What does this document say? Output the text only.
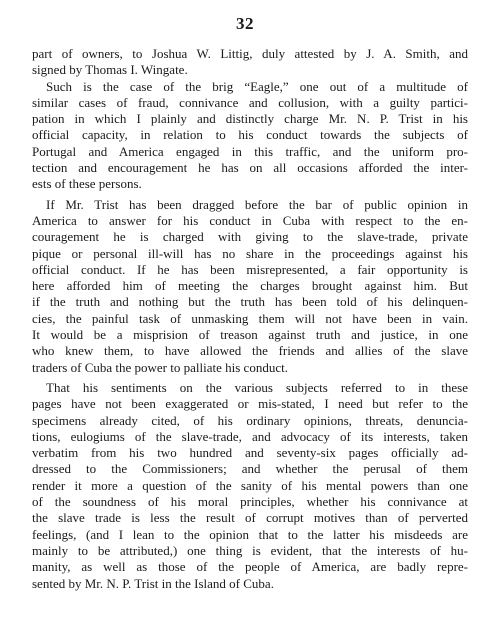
32
part of owners, to Joshua W. Littig, duly attested by J. A. Smith, and
signed by Thomas I. Wingate.
Such is the case of the brig “Eagle,” one out of a multitude of
similar cases of fraud, connivance and collusion, with a guilty partici-
pation in which I plainly and distinctly charge Mr. N. P. Trist in his
official capacity, in relation to his conduct towards the subjects of
Portugal and America engaged in this traffic, and the uniform pro-
tection and encouragement he has on all occasions afforded the inter-
ests of these persons.
If Mr. Trist has been dragged before the bar of public opinion in
America to answer for his conduct in Cuba with respect to the en-
couragement he is charged with giving to the slave-trade, private
pique or personal ill-will has no share in the proceedings against his
official conduct. If he has been misrepresented, a fair opportunity is
here afforded him of meeting the charges brought against him. But
if the truth and nothing but the truth has been told of his delinquen-
cies, the painful task of unmasking them will not have been in vain.
It would be a misprision of treason against truth and justice, in one
who knew them, to have allowed the friends and allies of the slave
traders of Cuba the power to palliate his conduct.
That his sentiments on the various subjects referred to in these
pages have not been exaggerated or mis-stated, I need but refer to the
specimens already cited, of his ordinary opinions, threats, denuncia-
tions, eulogiums of the slave-trade, and advocacy of its interests, taken
verbatim from his two hundred and seventy-six pages officially ad-
dressed to the Commissioners; and whether the perusal of them
render it more a question of the sanity of his mental powers than one
of the soundness of his moral principles, whether his connivance at
the slave trade is less the result of corrupt motives than of perverted
feelings, (and I lean to the opinion that to the latter his misdeeds are
mainly to be attributed,) one thing is evident, that the interests of hu-
manity, as well as those of the people of America, are badly repre-
sented by Mr. N. P. Trist in the Island of Cuba.
